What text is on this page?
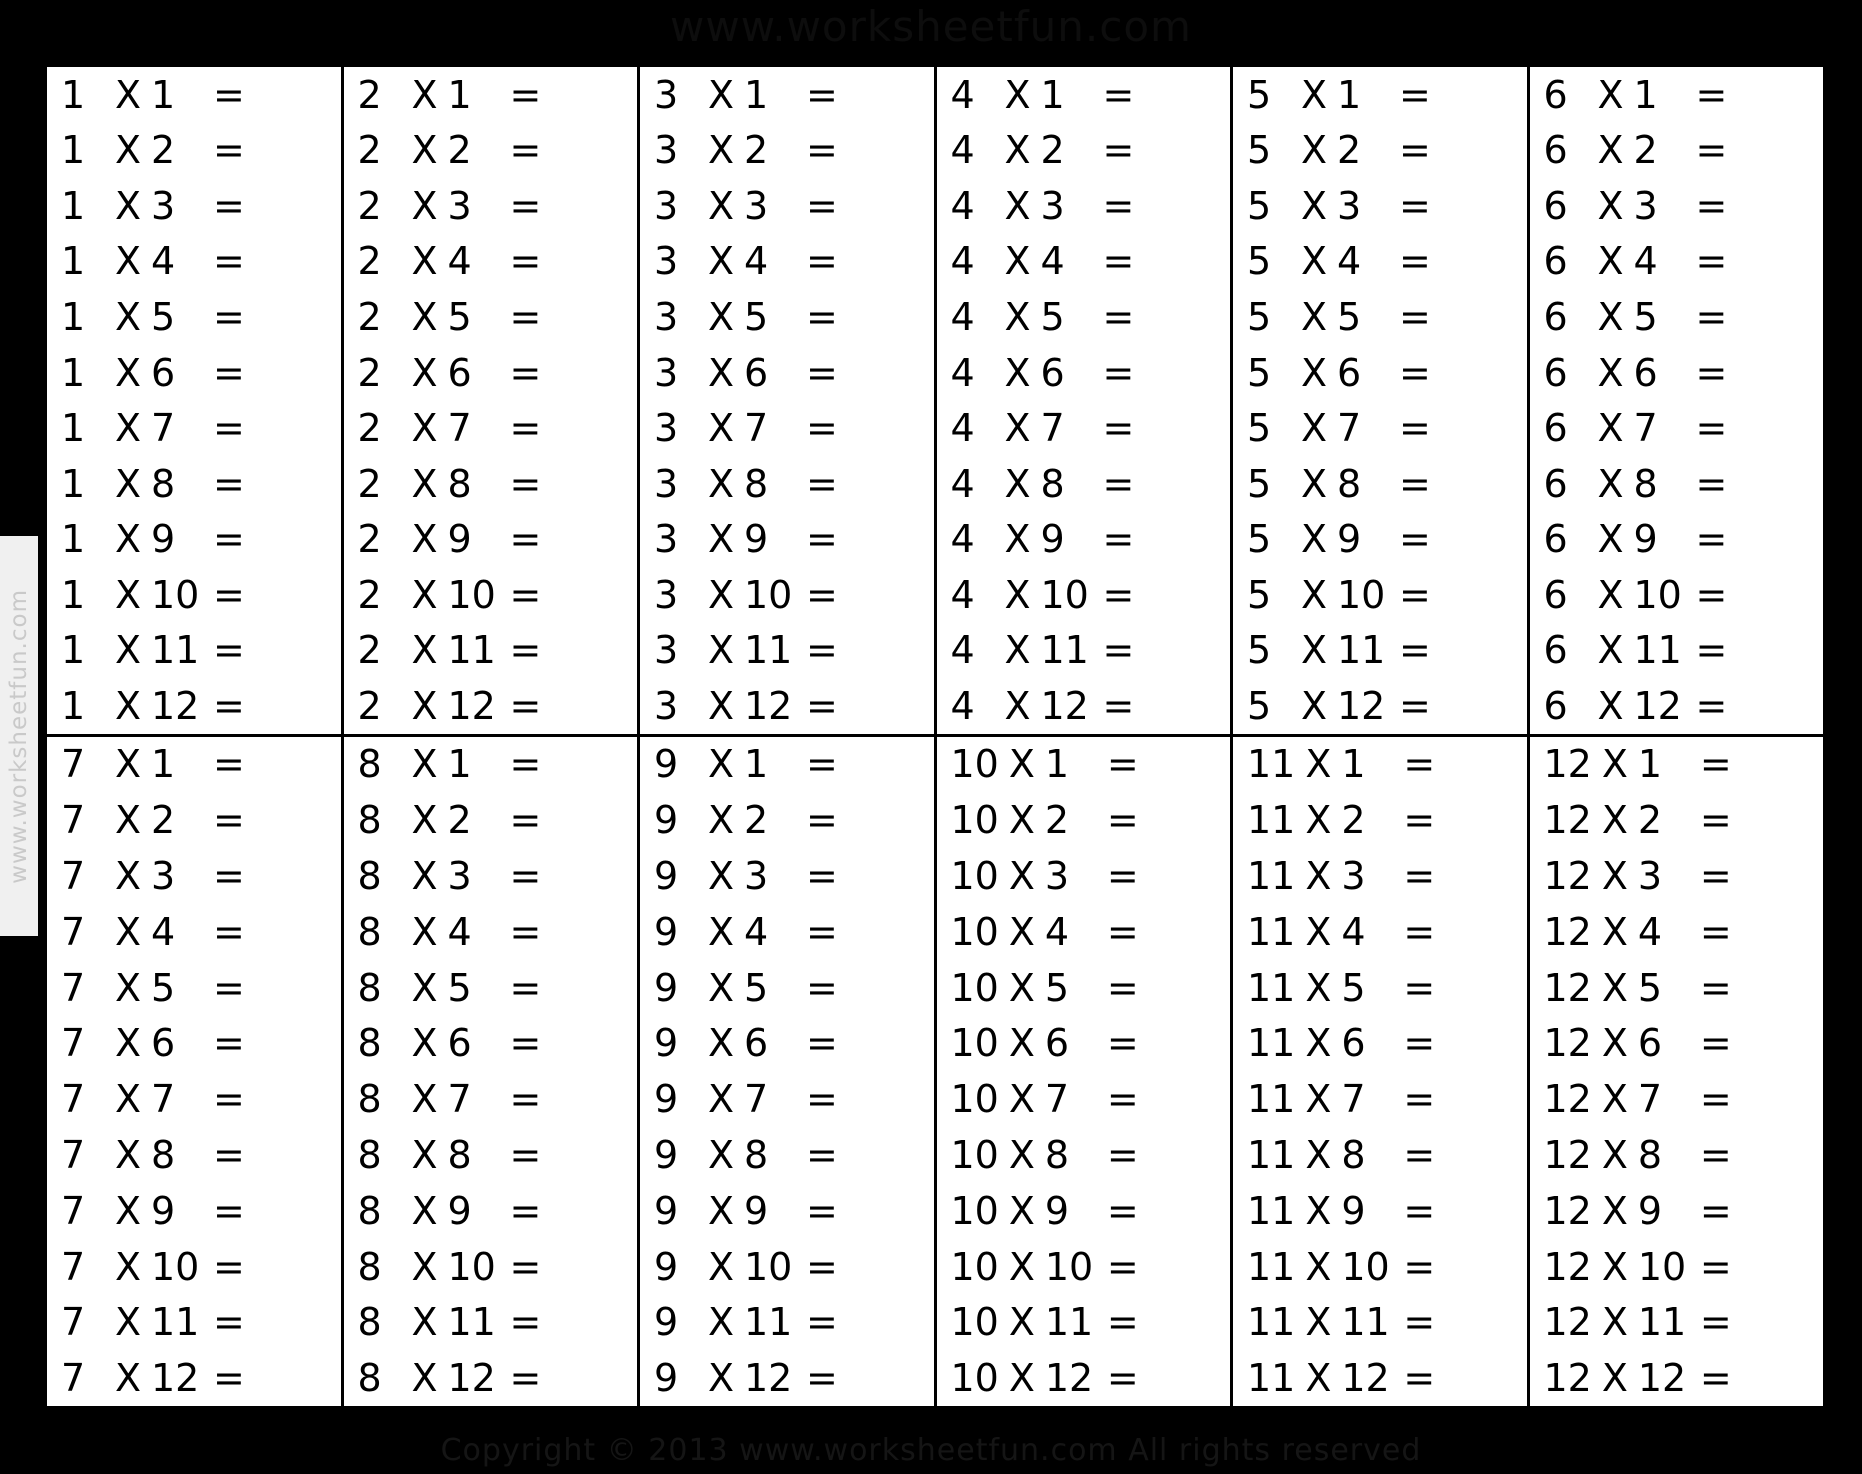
www.worksheetfun.com
www.worksheetfun.com
1 X 1 =
1 X 2 =
1 X 3 =
1 X 4 =
1 X 5 =
1 X 6 =
1 X 7 =
1 X 8 =
1 X 9 =
1 X 10 =
1 X 11 =
1 X 12 =
2 X 1 =
2 X 2 =
2 X 3 =
2 X 4 =
2 X 5 =
2 X 6 =
2 X 7 =
2 X 8 =
2 X 9 =
2 X 10 =
2 X 11 =
2 X 12 =
3 X 1 =
3 X 2 =
3 X 3 =
3 X 4 =
3 X 5 =
3 X 6 =
3 X 7 =
3 X 8 =
3 X 9 =
3 X 10 =
3 X 11 =
3 X 12 =
4 X 1 =
4 X 2 =
4 X 3 =
4 X 4 =
4 X 5 =
4 X 6 =
4 X 7 =
4 X 8 =
4 X 9 =
4 X 10 =
4 X 11 =
4 X 12 =
5 X 1 =
5 X 2 =
5 X 3 =
5 X 4 =
5 X 5 =
5 X 6 =
5 X 7 =
5 X 8 =
5 X 9 =
5 X 10 =
5 X 11 =
5 X 12 =
6 X 1 =
6 X 2 =
6 X 3 =
6 X 4 =
6 X 5 =
6 X 6 =
6 X 7 =
6 X 8 =
6 X 9 =
6 X 10 =
6 X 11 =
6 X 12 =
7 X 1 =
7 X 2 =
7 X 3 =
7 X 4 =
7 X 5 =
7 X 6 =
7 X 7 =
7 X 8 =
7 X 9 =
7 X 10 =
7 X 11 =
7 X 12 =
8 X 1 =
8 X 2 =
8 X 3 =
8 X 4 =
8 X 5 =
8 X 6 =
8 X 7 =
8 X 8 =
8 X 9 =
8 X 10 =
8 X 11 =
8 X 12 =
9 X 1 =
9 X 2 =
9 X 3 =
9 X 4 =
9 X 5 =
9 X 6 =
9 X 7 =
9 X 8 =
9 X 9 =
9 X 10 =
9 X 11 =
9 X 12 =
10 X 1 =
10 X 2 =
10 X 3 =
10 X 4 =
10 X 5 =
10 X 6 =
10 X 7 =
10 X 8 =
10 X 9 =
10 X 10 =
10 X 11 =
10 X 12 =
11 X 1 =
11 X 2 =
11 X 3 =
11 X 4 =
11 X 5 =
11 X 6 =
11 X 7 =
11 X 8 =
11 X 9 =
11 X 10 =
11 X 11 =
11 X 12 =
12 X 1 =
12 X 2 =
12 X 3 =
12 X 4 =
12 X 5 =
12 X 6 =
12 X 7 =
12 X 8 =
12 X 9 =
12 X 10 =
12 X 11 =
12 X 12 =
Copyright © 2013 www.worksheetfun.com All rights reserved
